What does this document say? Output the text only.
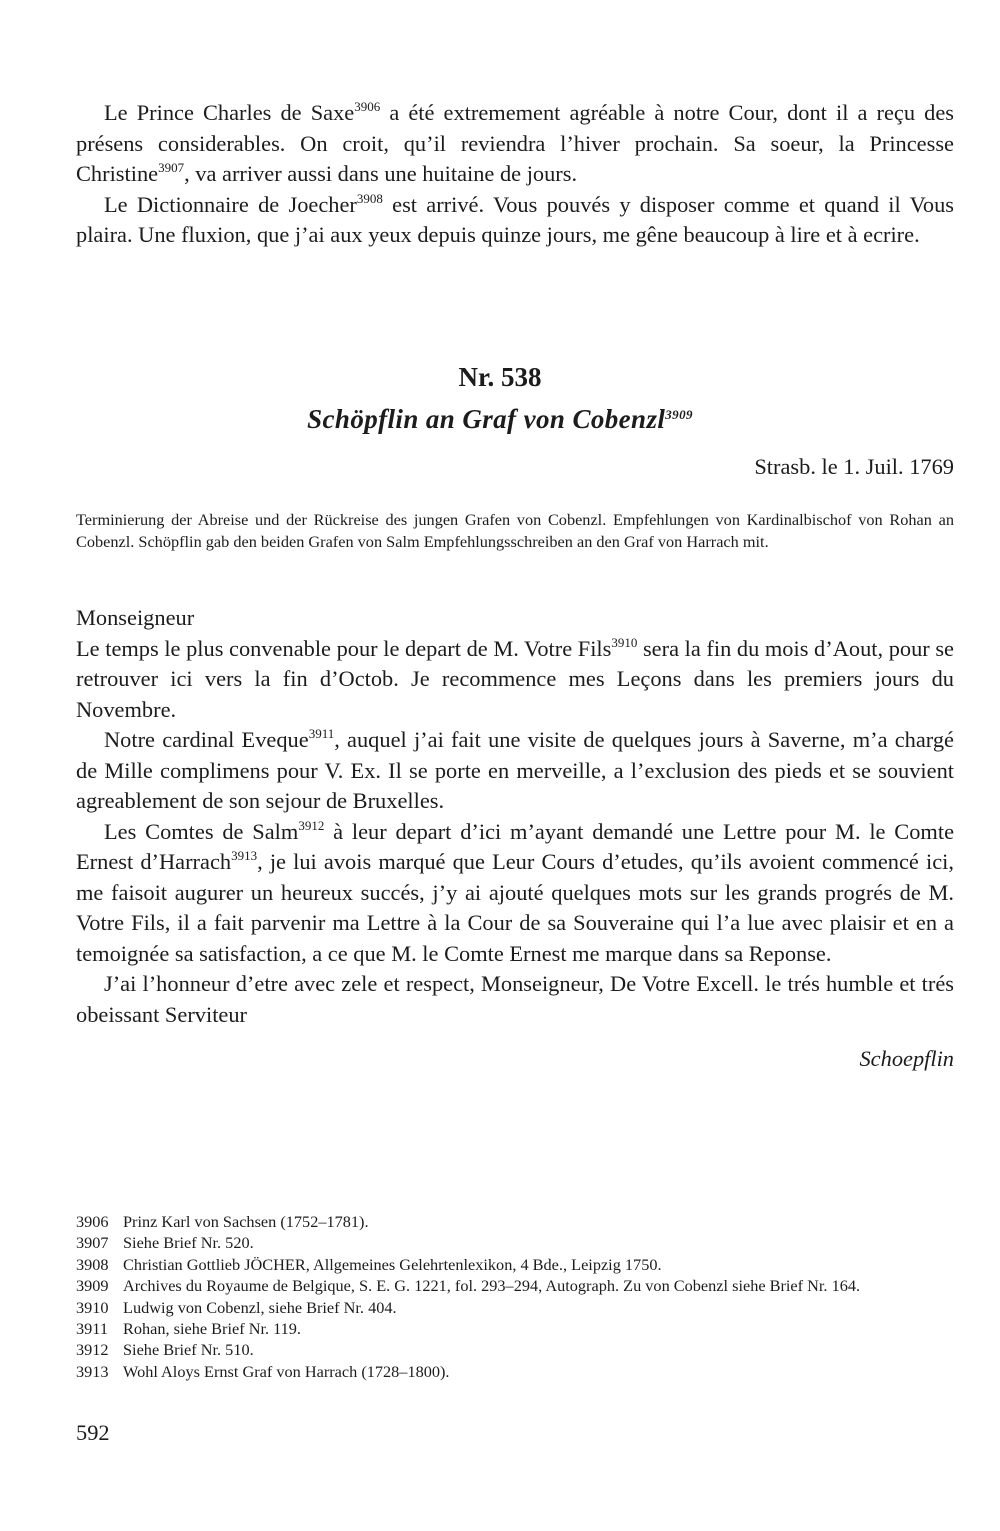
Le Prince Charles de Saxe$^{3906}$ a été extremement agréable à notre Cour, dont il a reçu des présens considerables. On croit, qu’il reviendra l’hiver prochain. Sa soeur, la Princesse Christine$^{3907}$, va arriver aussi dans une huitaine de jours.

Le Dictionnaire de Joecher$^{3908}$ est arrivé. Vous pouvés y disposer comme et quand il Vous plaira. Une fluxion, que j’ai aux yeux depuis quinze jours, me gêne beaucoup à lire et à ecrire.

Nr. 538
Schöpflin an Graf von Cobenzl$^{3909}$

Strasb. le 1. Juil. 1769

Terminierung der Abreise und der Rückreise des jungen Grafen von Cobenzl. Empfehlungen von Kardinalbischof von Rohan an Cobenzl. Schöpflin gab den beiden Grafen von Salm Empfehlungsschreiben an den Graf von Harrach mit.

Monseigneur

Le temps le plus convenable pour le depart de M. Votre Fils$^{3910}$ sera la fin du mois d’Aout, pour se retrouver ici vers la fin d’Octob. Je recommence mes Leçons dans les premiers jours du Novembre.

Notre cardinal Eveque$^{3911}$, auquel j’ai fait une visite de quelques jours à Saverne, m’a chargé de Mille complimens pour V. Ex. Il se porte en merveille, a l’exclusion des pieds et se souvient agreablement de son sejour de Bruxelles.

Les Comtes de Salm$^{3912}$ à leur depart d’ici m’ayant demandé une Lettre pour M. le Comte Ernest d’Harrach$^{3913}$, je lui avois marqué que Leur Cours d’etudes, qu’ils avoient commencé ici, me faisoit augurer un heureux succés, j’y ai ajouté quelques mots sur les grands progrés de M. Votre Fils, il a fait parvenir ma Lettre à la Cour de sa Souveraine qui l’a lue avec plaisir et en a temoignée sa satisfaction, a ce que M. le Comte Ernest me marque dans sa Reponse.

J’ai l’honneur d’etre avec zele et respect, Monseigneur, De Votre Excell. le trés humble et trés obeissant Serviteur

Schoepflin

3906 Prinz Karl von Sachsen (1752–1781).
3907 Siehe Brief Nr. 520.
3908 Christian Gottlieb JÖCHER, Allgemeines Gelehrtenlexikon, 4 Bde., Leipzig 1750.
3909 Archives du Royaume de Belgique, S. E. G. 1221, fol. 293–294, Autograph. Zu von Cobenzl siehe Brief Nr. 164.
3910 Ludwig von Cobenzl, siehe Brief Nr. 404.
3911 Rohan, siehe Brief Nr. 119.
3912 Siehe Brief Nr. 510.
3913 Wohl Aloys Ernst Graf von Harrach (1728–1800).

592
